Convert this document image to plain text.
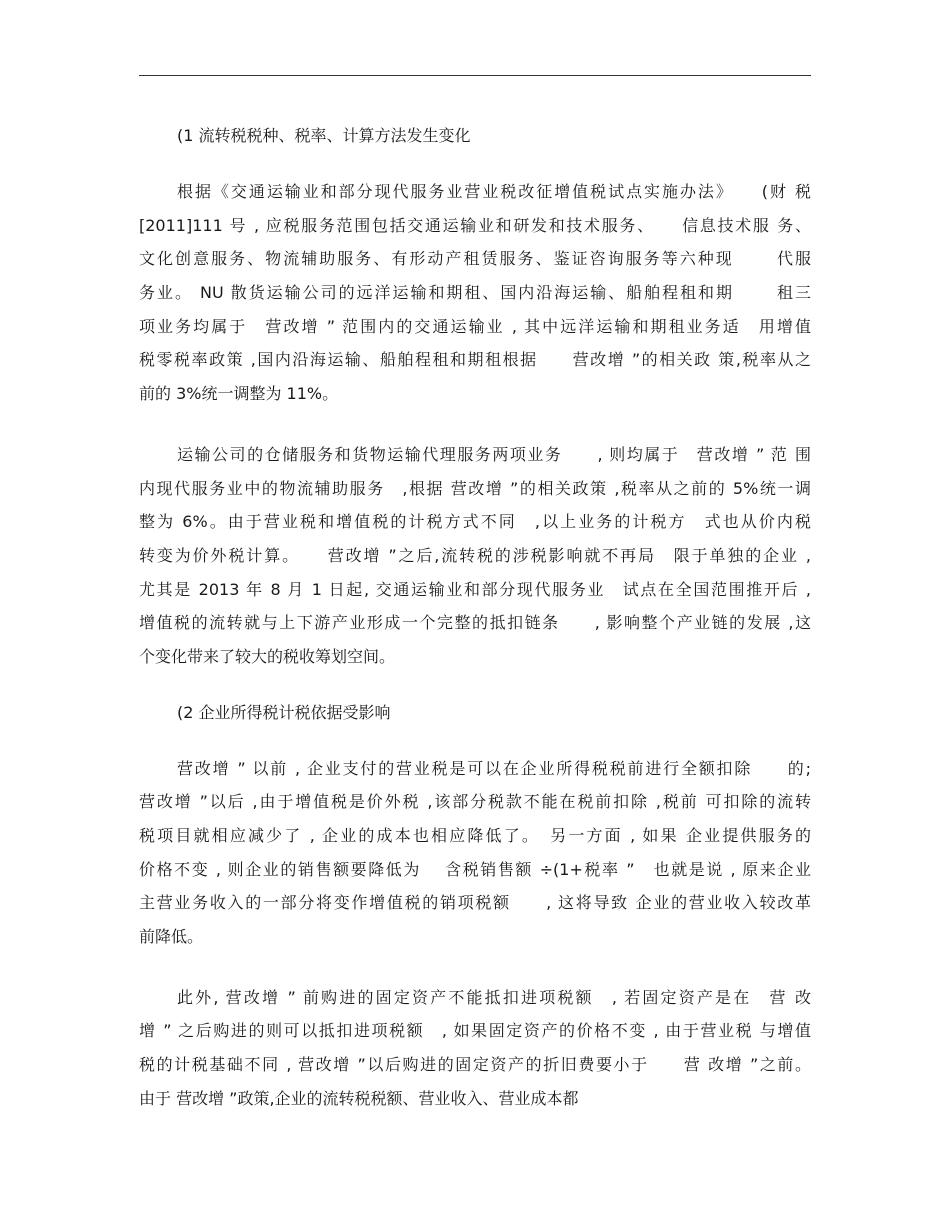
(1 流转税税种、税率、计算方法发生变化
根据《交通运输业和部分现代服务业营业税改征增值税试点实施办法》　　(财 税
[2011]111 号 , 应税服务范围包括交通运输业和研发和技术服务、　　信息技术服 务、
文化创意服务、物流辅助服务、有形动产租赁服务、鉴证咨询服务等六种现　　 代服
务业。 NU 散货运输公司的远洋运输和期租、国内沿海运输、船舶程租和期　　 租三
项业务均属于　营改增 ” 范围内的交通运输业 , 其中远洋运输和期租业务适　用增值
税零税率政策 ,国内沿海运输、船舶程租和期租根据　　营改增 ”的相关政 策,税率从之
前的 3%统一调整为 11%。
运输公司的仓储服务和货物运输代理服务两项业务　　, 则均属于　营改增 ” 范 围
内现代服务业中的物流辅助服务　,根据 营改增 ”的相关政策 ,税率从之前的 5%统一调
整为 6%。由于营业税和增值税的计税方式不同　,以上业务的计税方　式也从价内税
转变为价外税计算。　　营改增 ”之后,流转税的涉税影响就不再局　限于单独的企业 ,
尤其是 2013 年 8 月 1 日起, 交通运输业和部分现代服务业　试点在全国范围推开后 ,
增值税的流转就与上下游产业形成一个完整的抵扣链条　　, 影响整个产业链的发展 ,这
个变化带来了较大的税收筹划空间。
(2 企业所得税计税依据受影响
营改增 ” 以前 , 企业支付的营业税是可以在企业所得税税前进行全额扣除　　的;
营改增 ”以后 ,由于增值税是价外税 ,该部分税款不能在税前扣除 ,税前 可扣除的流转
税项目就相应减少了 , 企业的成本也相应降低了。　另一方面 , 如果 企业提供服务的
价格不变 , 则企业的销售额要降低为　 含税销售额 ÷(1+税率 ”　也就是说 , 原来企业
主营业务收入的一部分将变作增值税的销项税额　　, 这将导致 企业的营业收入较改革
前降低。
此外, 营改增 ” 前购进的固定资产不能抵扣进项税额　, 若固定资产是在　营 改
增 ” 之后购进的则可以抵扣进项税额　, 如果固定资产的价格不变 , 由于营业税 与增值
税的计税基础不同 , 营改增 ”以后购进的固定资产的折旧费要小于　　营 改增 ”之前。
由于 营改增 ”政策,企业的流转税税额、营业收入、营业成本都
